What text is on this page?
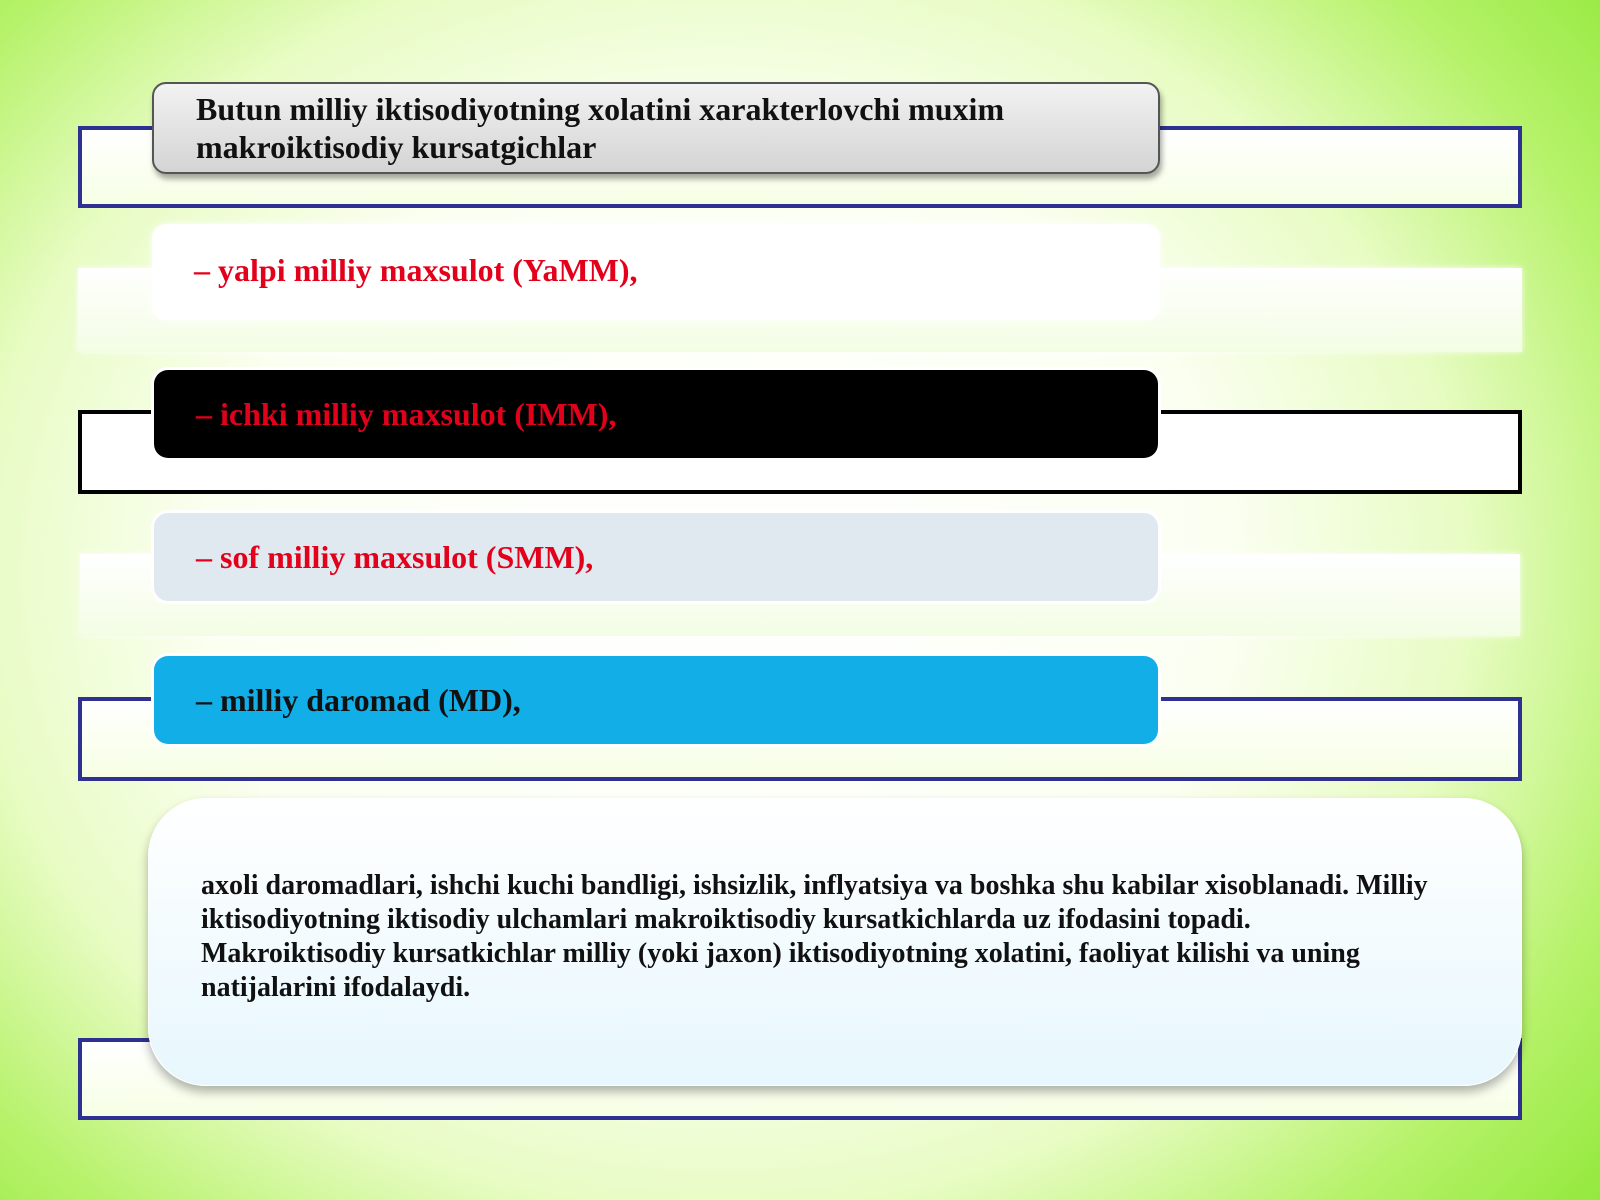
Butun milliy iktisodiyotning xolatini xarakterlovchi muxim makroiktisodiy kursatgichlar
– yalpi milliy maxsulot (YaMM),
– ichki milliy maxsulot (IMM),
– sof milliy maxsulot (SMM),
– milliy daromad (MD),
axoli daromadlari, ishchi kuchi bandligi, ishsizlik, inflyatsiya va boshka shu kabilar xisoblanadi. Milliy iktisodiyotning iktisodiy ulchamlari makroiktisodiy kursatkichlarda uz ifodasini topadi. Makroiktisodiy kursatkichlar milliy (yoki jaxon) iktisodiyotning xolatini, faoliyat kilishi va uning natijalarini ifodalaydi.
